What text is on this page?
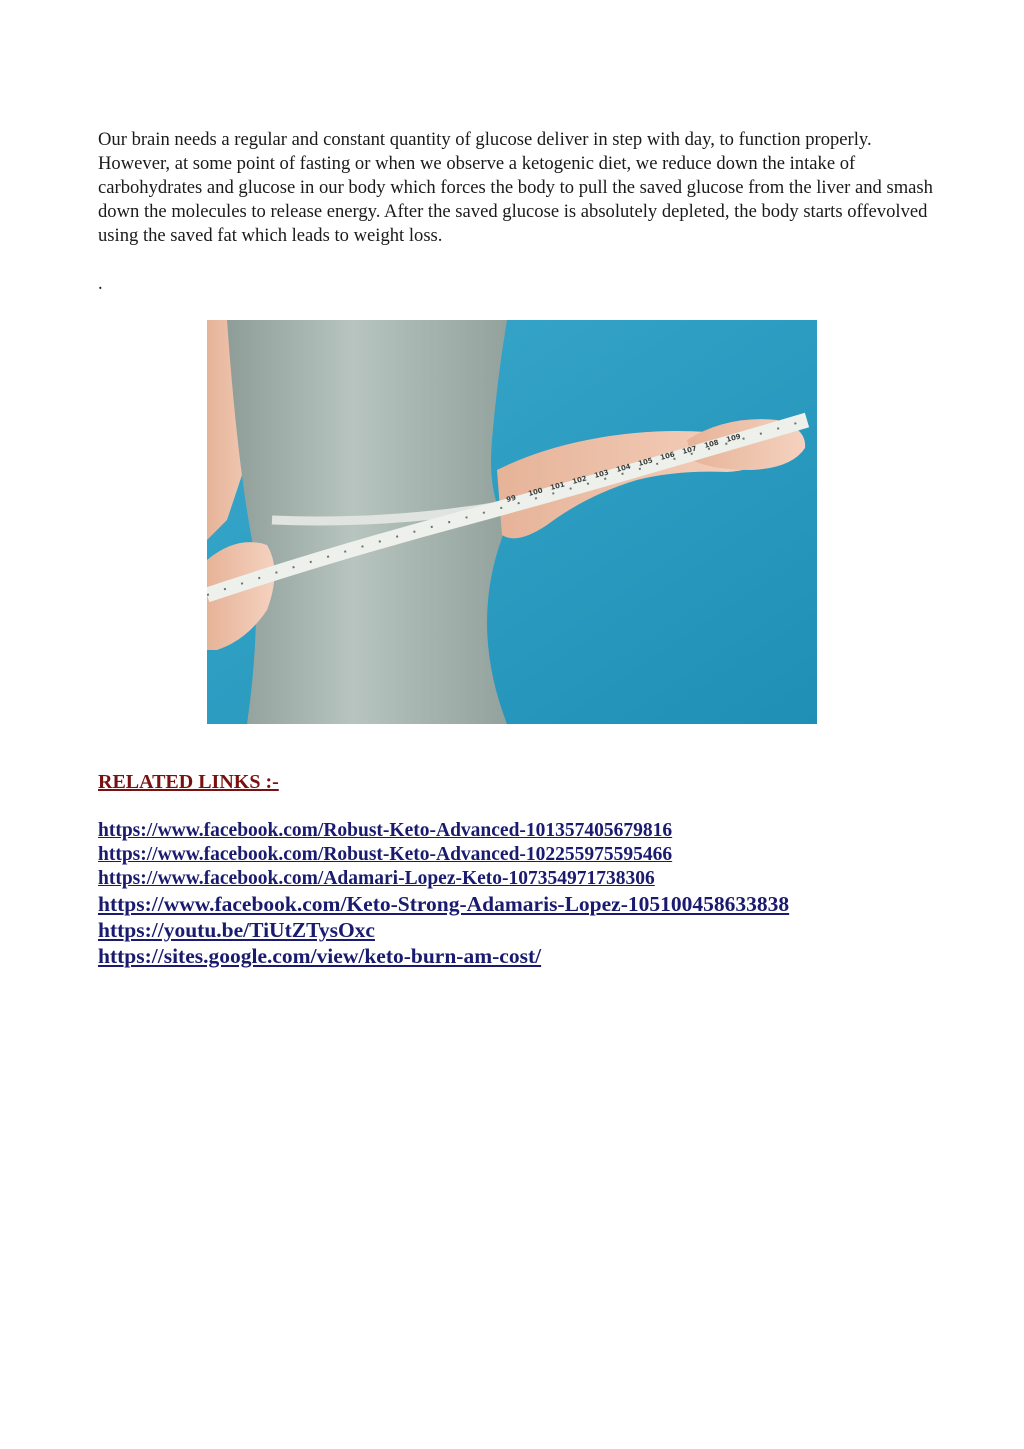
Our brain needs a regular and constant quantity of glucose deliver in step with day, to function properly. However, at some point of fasting or when we observe a ketogenic diet, we reduce down the intake of carbohydrates and glucose in our body which forces the body to pull the saved glucose from the liver and smash down the molecules to release energy. After the saved glucose is absolutely depleted, the body starts offevolved using the saved fat which leads to weight loss.

.

99
100
101
102
103
104
105
106
107
108
109
RELATED LINKS :-
https://www.facebook.com/Robust-Keto-Advanced-101357405679816
https://www.facebook.com/Robust-Keto-Advanced-102255975595466
https://www.facebook.com/Adamari-Lopez-Keto-107354971738306
https://www.facebook.com/Keto-Strong-Adamaris-Lopez-105100458633838
https://youtu.be/TiUtZTysOxc
https://sites.google.com/view/keto-burn-am-cost/
